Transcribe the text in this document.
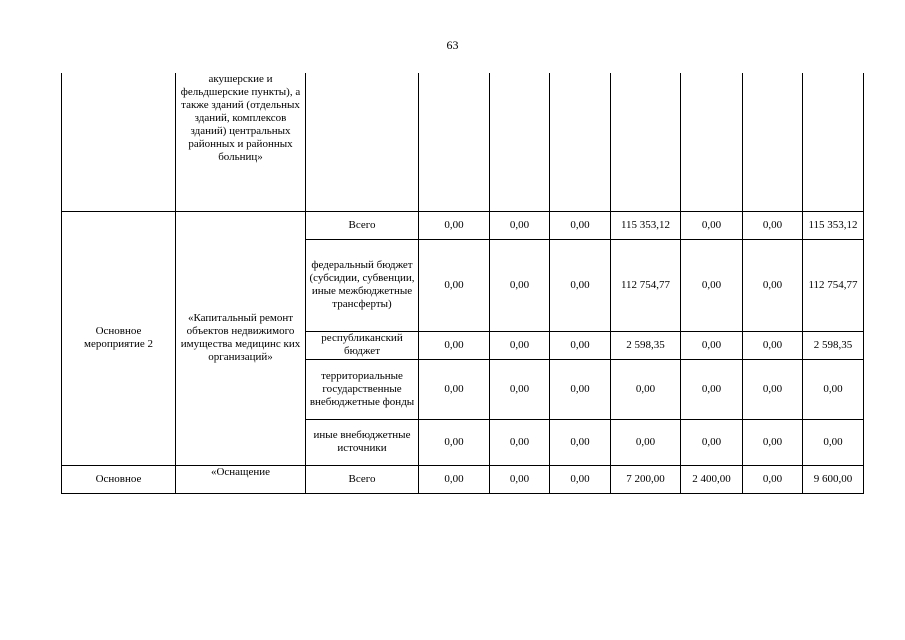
63
	акушерские и фельдшерские пункты), а также зданий (отдельных зданий, комплексов зданий) центральных районных и районных больниц»								
Основное мероприятие 2	«Капитальный ремонт объектов недвижимого имущества медицинс ких организаций»	Всего	0,00	0,00	0,00	115 353,12	0,00	0,00	115 353,12
		федеральный бюджет (субсидии, субвенции, иные межбюджетные трансферты)	0,00	0,00	0,00	112 754,77	0,00	0,00	112 754,77
		республиканский бюджет	0,00	0,00	0,00	2 598,35	0,00	0,00	2 598,35
		территориальные государственные внебюджетные фонды	0,00	0,00	0,00	0,00	0,00	0,00	0,00
		иные внебюджетные источники	0,00	0,00	0,00	0,00	0,00	0,00	0,00
Основное	«Оснащение	Всего	0,00	0,00	0,00	7 200,00	2 400,00	0,00	9 600,00
